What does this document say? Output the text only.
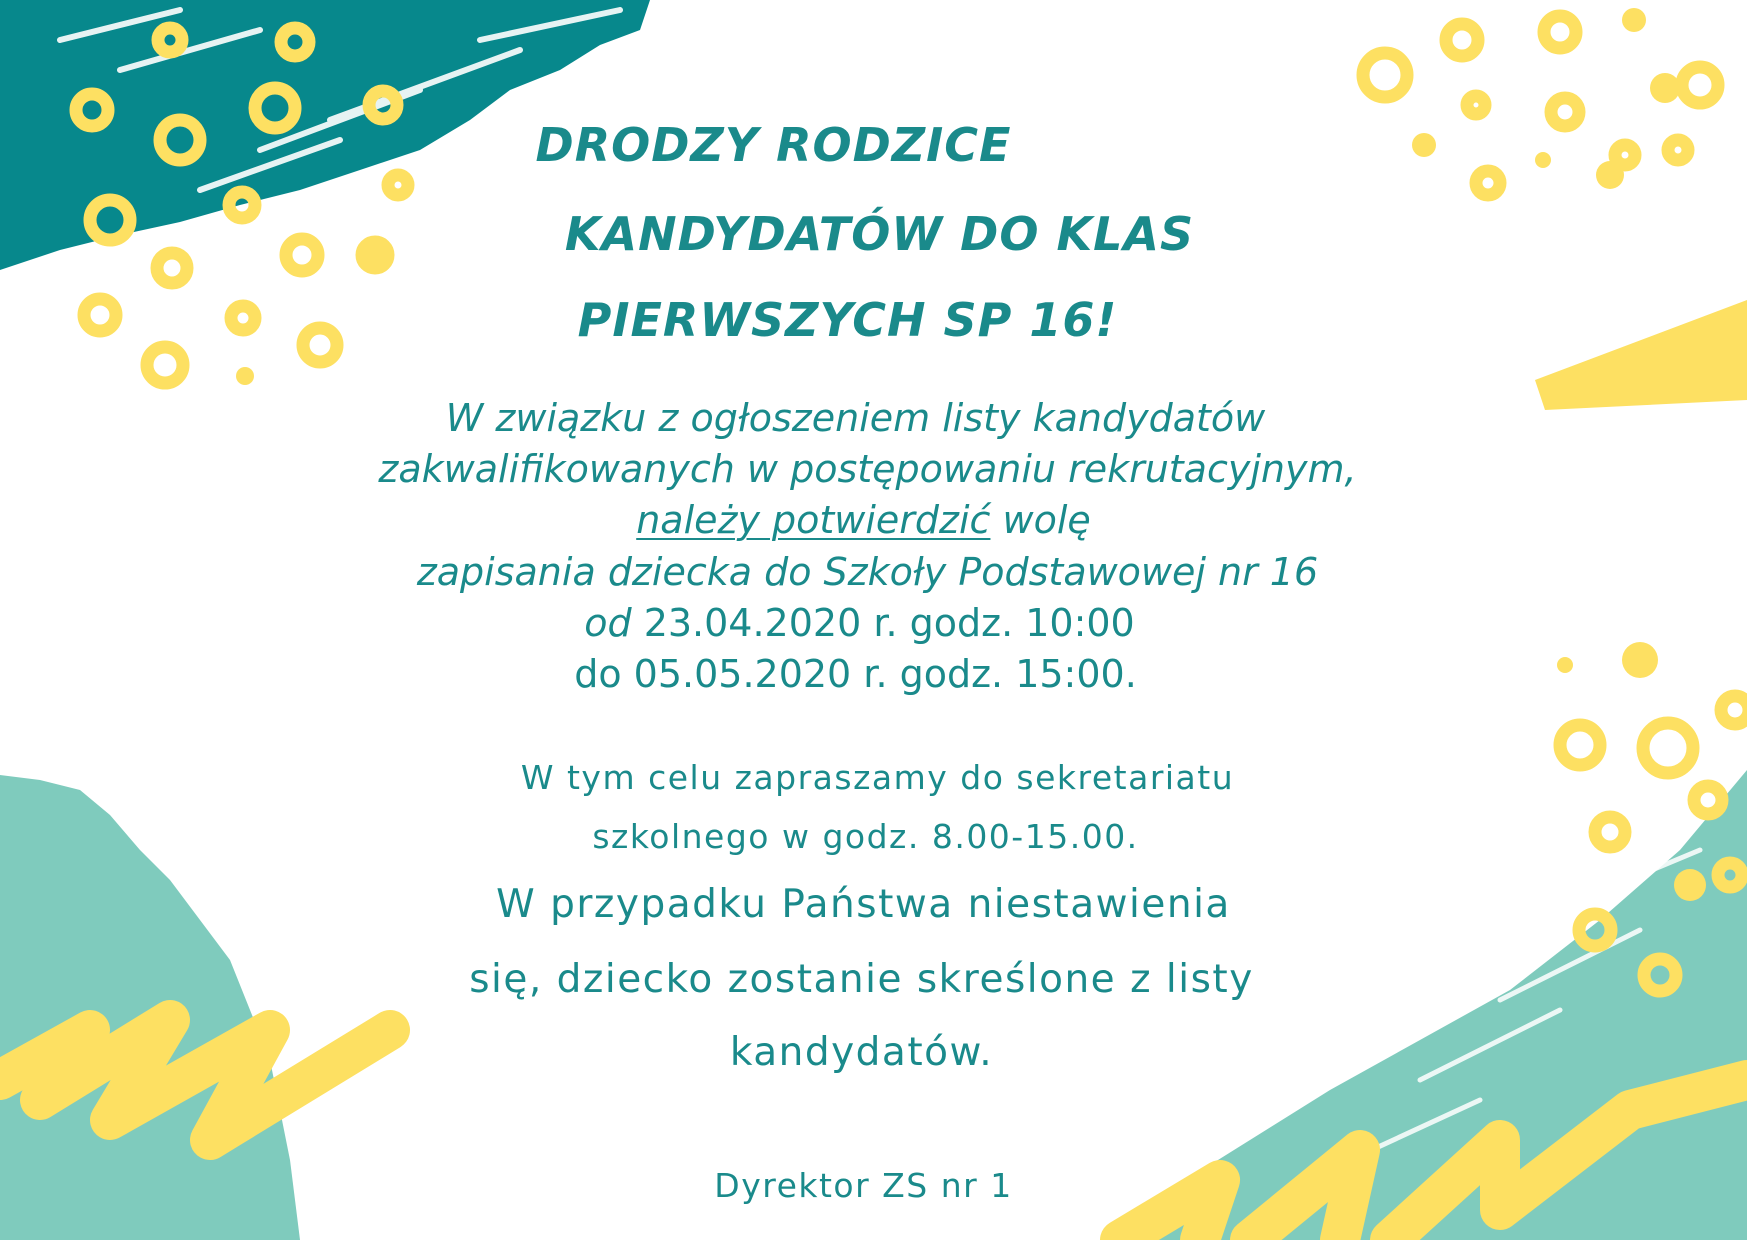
DRODZY RODZICE
KANDYDATÓW DO KLAS
PIERWSZYCH SP 16!
W związku z ogłoszeniem listy kandydatów
zakwalifikowanych w postępowaniu rekrutacyjnym,
należy potwierdzić wolę
zapisania dziecka do Szkoły Podstawowej nr 16
od 23.04.2020 r. godz. 10:00
do 05.05.2020 r. godz. 15:00.
W tym celu zapraszamy do sekretariatu
szkolnego w godz. 8.00-15.00.
W przypadku Państwa niestawienia
się, dziecko zostanie skreślone z listy
kandydatów.
Dyrektor ZS nr 1
